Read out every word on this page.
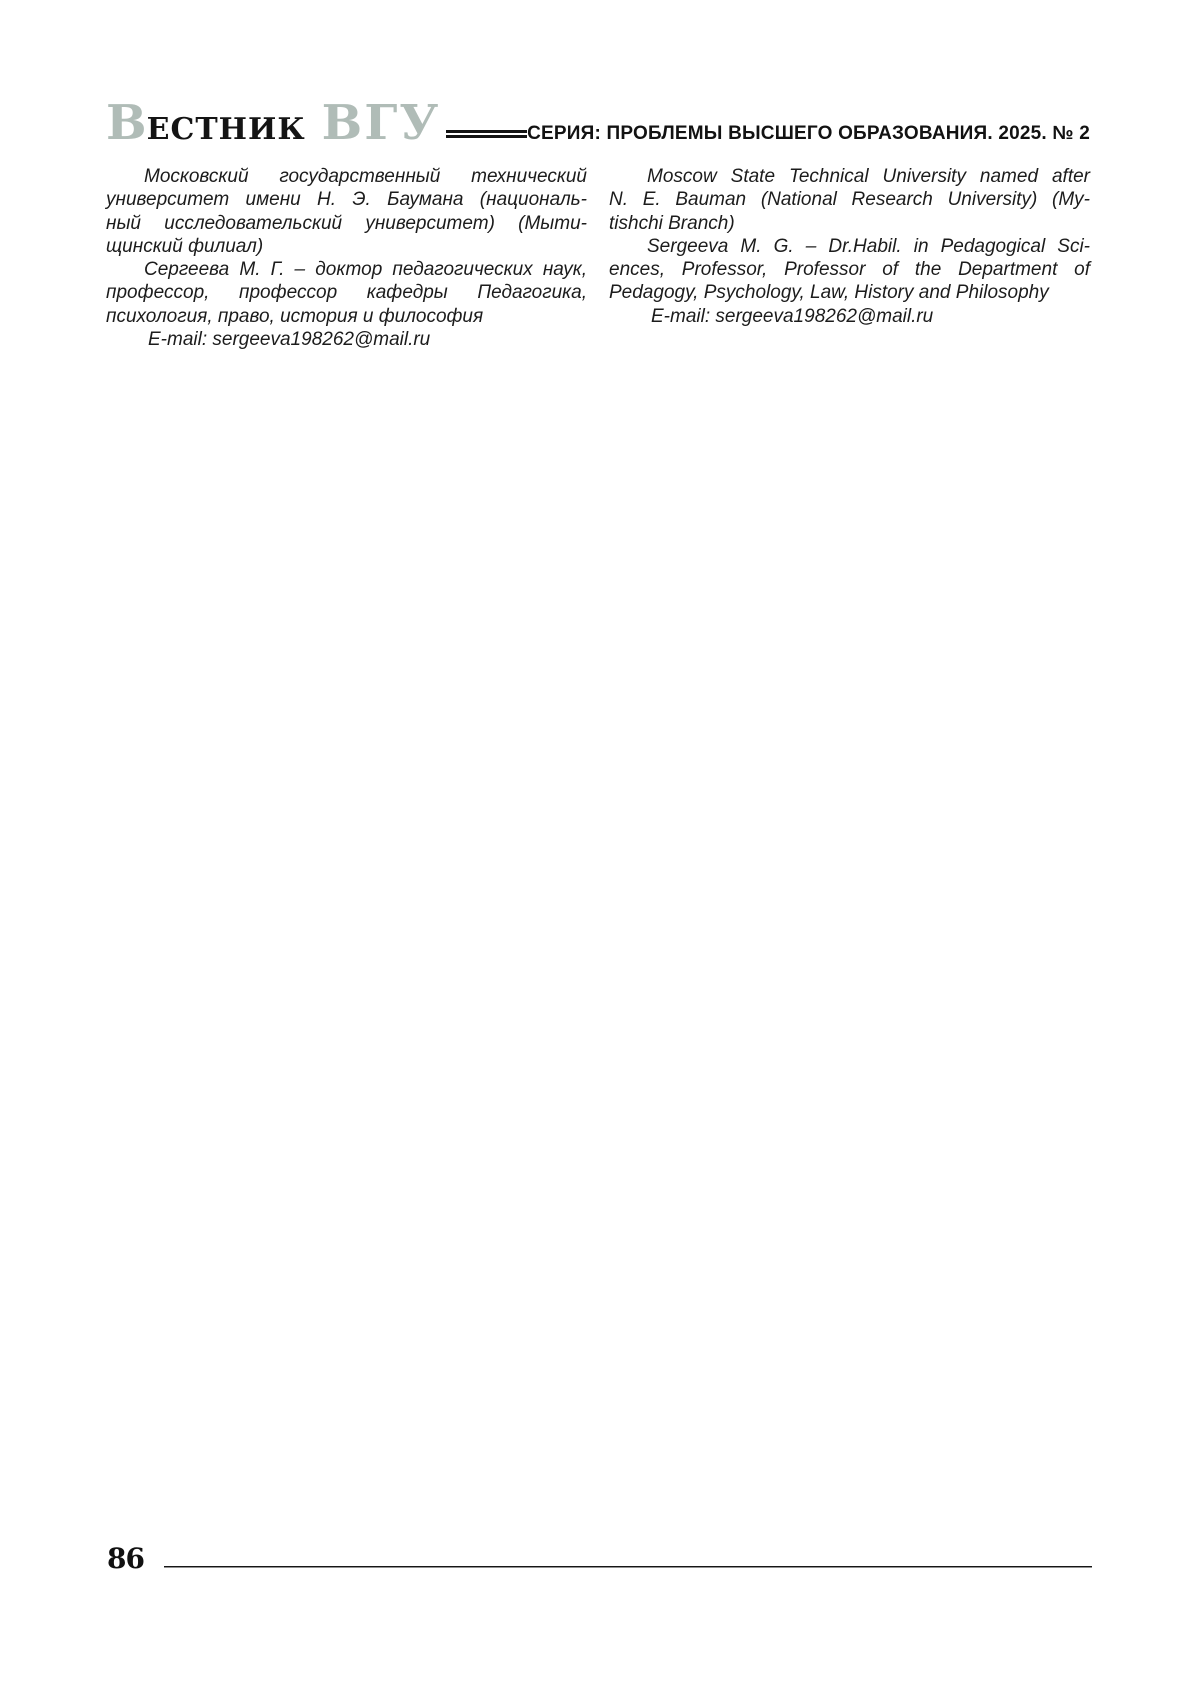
ВЕСТНИК ВГУ	СЕРИЯ: ПРОБЛЕМЫ ВЫСШЕГО ОБРАЗОВАНИЯ. 2025. № 2
Московский государственный технический
университет имени Н. Э. Баумана (националь-
ный исследовательский университет) (Мыти-
щинский филиал)
Сергеева М. Г. – доктор педагогических наук,
профессор, профессор кафедры Педагогика,
психология, право, история и философия
E-mail: sergeeva198262@mail.ru
Moscow State Technical University named after
N. E. Bauman (National Research University) (My-
tishchi Branch)
Sergeeva M. G. – Dr.Habil. in Pedagogical Sci-
ences, Professor, Professor of the Department of
Pedagogy, Psychology, Law, History and Philosophy
E-mail: sergeeva198262@mail.ru
86
